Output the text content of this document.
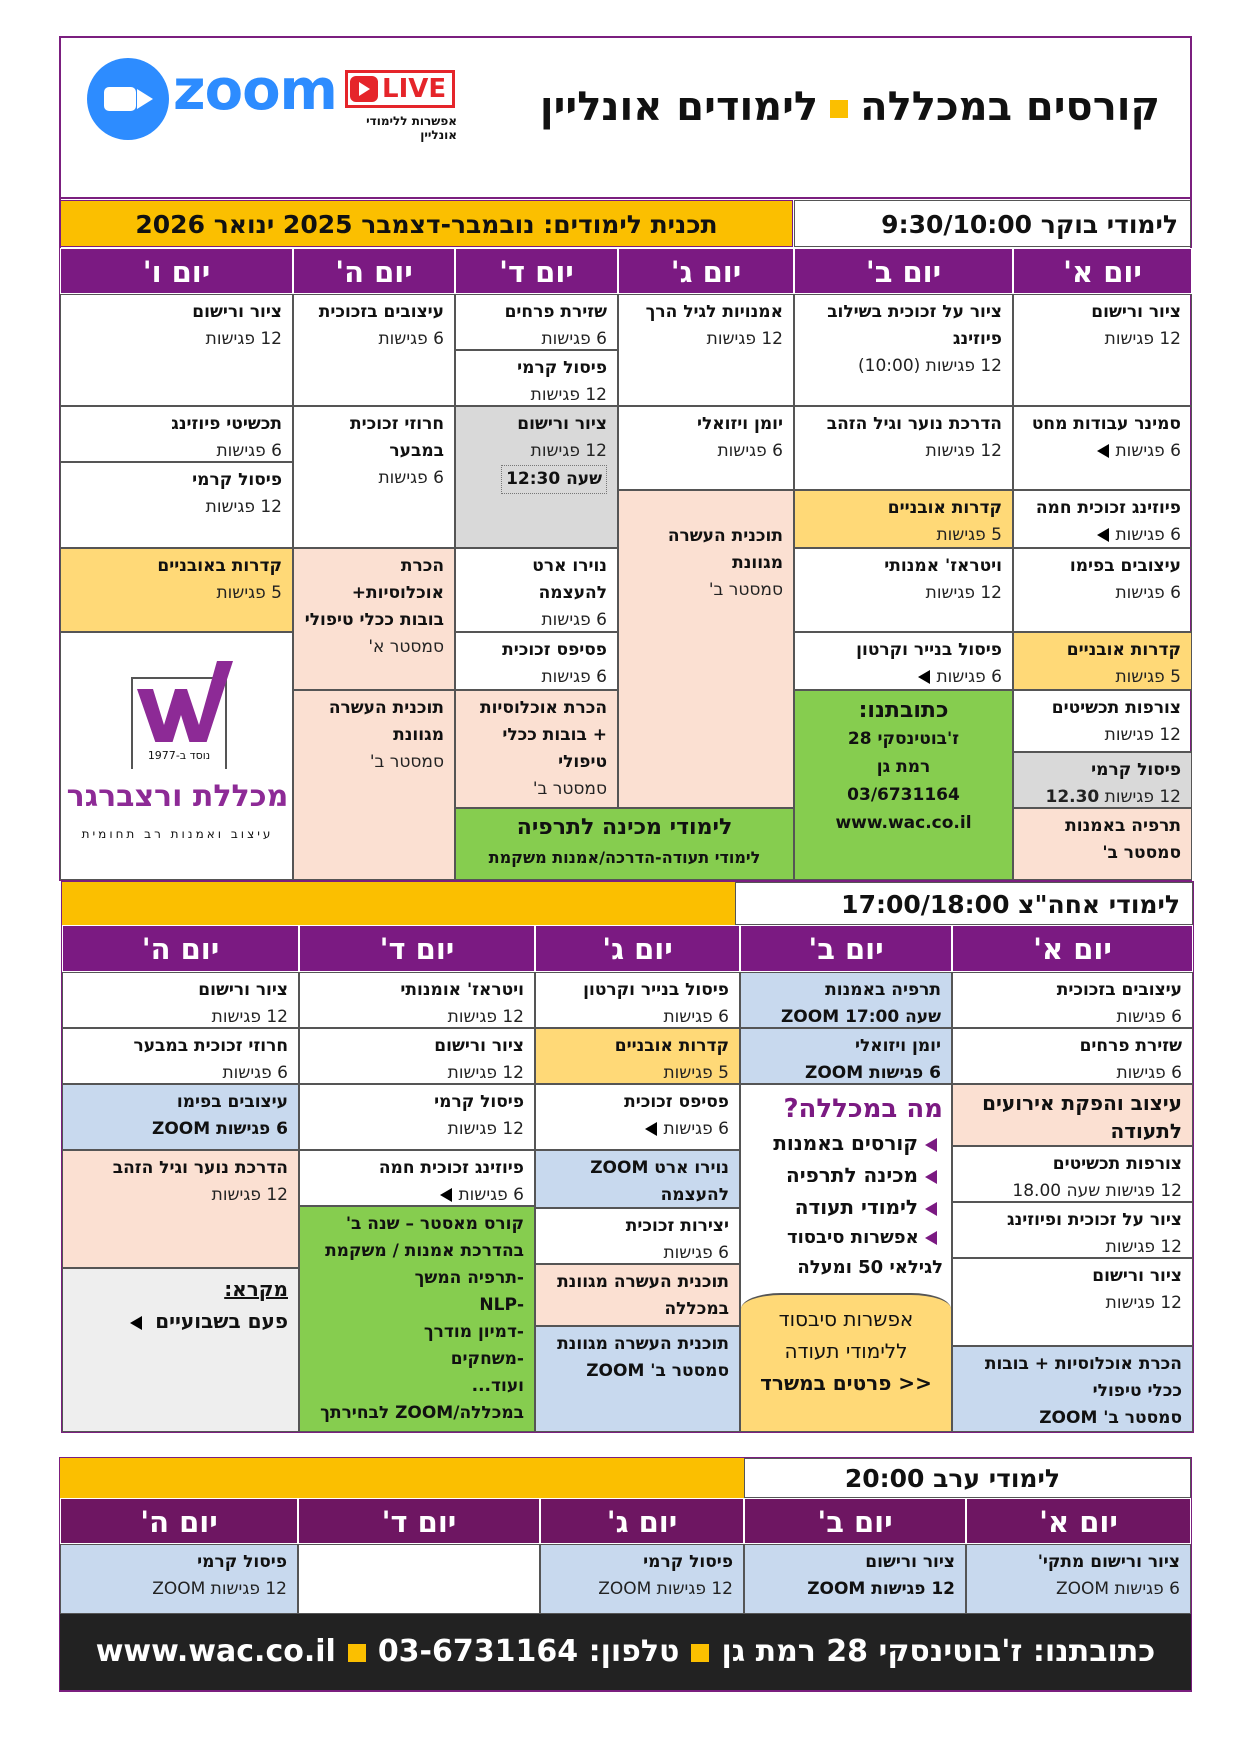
קורסים במכללהלימודים אונליין
zoom	LIVE
אפשרות ללימודי אונליין
תכנית לימודים: נובמבר-דצמבר 2025 ינואר 2026	לימודי בוקר 9:30/10:00
יום א'
יום ב'
יום ג'
יום ד'
יום ה'
יום ו'
ציור ורישום
12 פגישות
סמינר עבודות מחט
6 פגישות
פיוזינג זכוכית חמה
6 פגישות
עיצובים בפימו
6 פגישות
קדרות אובניים
5 פגישות
צורפות תכשיטים
12 פגישות
פיסול קרמי
12 פגישות 12.30
תרפיה באמנות
סמסטר ב'
ציור על זכוכית בשילוב פיוזינג
12 פגישות (10:00)
הדרכת נוער וגיל הזהב
12 פגישות
קדרות אובניים
5 פגישות
ויטראז' אמנותי
12 פגישות
פיסול בנייר וקרטון
6 פגישות
כתובתנו:
ז'בוטינסקי 28
רמת גן
03/6731164
www.wac.co.il
אמנויות לגיל הרך
12 פגישות
יומן ויזואלי
6 פגישות
תוכנית העשרה מגוונת
סמסטר ב'
שזירת פרחים
6 פגישות
פיסול קרמי
12 פגישות
ציור ורישום
12 פגישות
שעה 12:30
נוירו ארט להעצמה
6 פגישות
פסיפס זכוכית
6 פגישות
הכרת אוכלוסיות + בובות ככלי טיפולי
סמסטר ב'
לימודי מכינה לתרפיה
לימודי תעודה-הדרכה/אמנות משקמת
עיצובים בזכוכית
6 פגישות
חרוזי זכוכית במבער
6 פגישות
הכרת אוכלוסיות+ בובות ככלי טיפולי
סמסטר א'
תוכנית העשרה מגוונת
סמסטר ב'
ציור ורישום
12 פגישות
תכשיטי פיוזינג
6 פגישות
פיסול קרמי
12 פגישות
קדרות באובניים
5 פגישות
נוסד ב-1977
מכללת ורצברגר
עיצוב ואמנות רב תחומית
לימודי אחה"צ 17:00/18:00
יום א'
יום ב'
יום ג'
יום ד'
יום ה'
עיצובים בזכוכית
6 פגישות
שזירת פרחים
6 פגישות
עיצוב והפקת אירועים לתעודה
צורפות תכשיטים
12 פגישות שעה 18.00
ציור על זכוכית ופיוזינג
12 פגישות
ציור ורישום
12 פגישות
הכרת אוכלוסיות + בובות ככלי טיפולי
סמסטר ב' ZOOM
תרפיה באמנות
שעה 17:00 ZOOM
יומן ויזואלי
6 פגישות ZOOM
מה במכללה?
קורסים באמנות
מכינה לתרפיה
לימודי תעודה
אפשרות סיבסוד לגילאי 50 ומעלה
אפשרות סיבסוד
ללימודי תעודה
<< פרטים במשרד
פיסול בנייר וקרטון
6 פגישות
קדרות אובניים
5 פגישות
פסיפס זכוכית
6 פגישות
נוירו ארט ZOOM להעצמה
יצירות זכוכית
6 פגישות
תוכנית העשרה מגוונת במכללה
תוכנית העשרה מגוונת
סמסטר ב' ZOOM
ויטראז' אומנותי
12 פגישות
ציור ורישום
12 פגישות
פיסול קרמי
12 פגישות
פיוזינג זכוכית חמה
6 פגישות
קורס מאסטר – שנה ב' בהדרכת אמנות / משקמת
-תרפיה המשך
-NLP
-דמיון מודרך
-משחקים
ועוד...
במכללה/ZOOM לבחירתך
ציור ורישום
12 פגישות
חרוזי זכוכית במבער
6 פגישות
עיצובים בפימו
6 פגישות ZOOM
הדרכת נוער וגיל הזהב
12 פגישות
מקרא:
פעם בשבועיים
לימודי ערב 20:00
יום א'
יום ב'
יום ג'
יום ד'
יום ה'
ציור ורישום מתקי'
6 פגישות ZOOM
ציור ורישום
12 פגישות ZOOM
פיסול קרמי
12 פגישות ZOOM
פיסול קרמי
12 פגישות ZOOM
כתובתנו: ז'בוטינסקי 28 רמת גןטלפון: 03-6731164www.wac.co.il
